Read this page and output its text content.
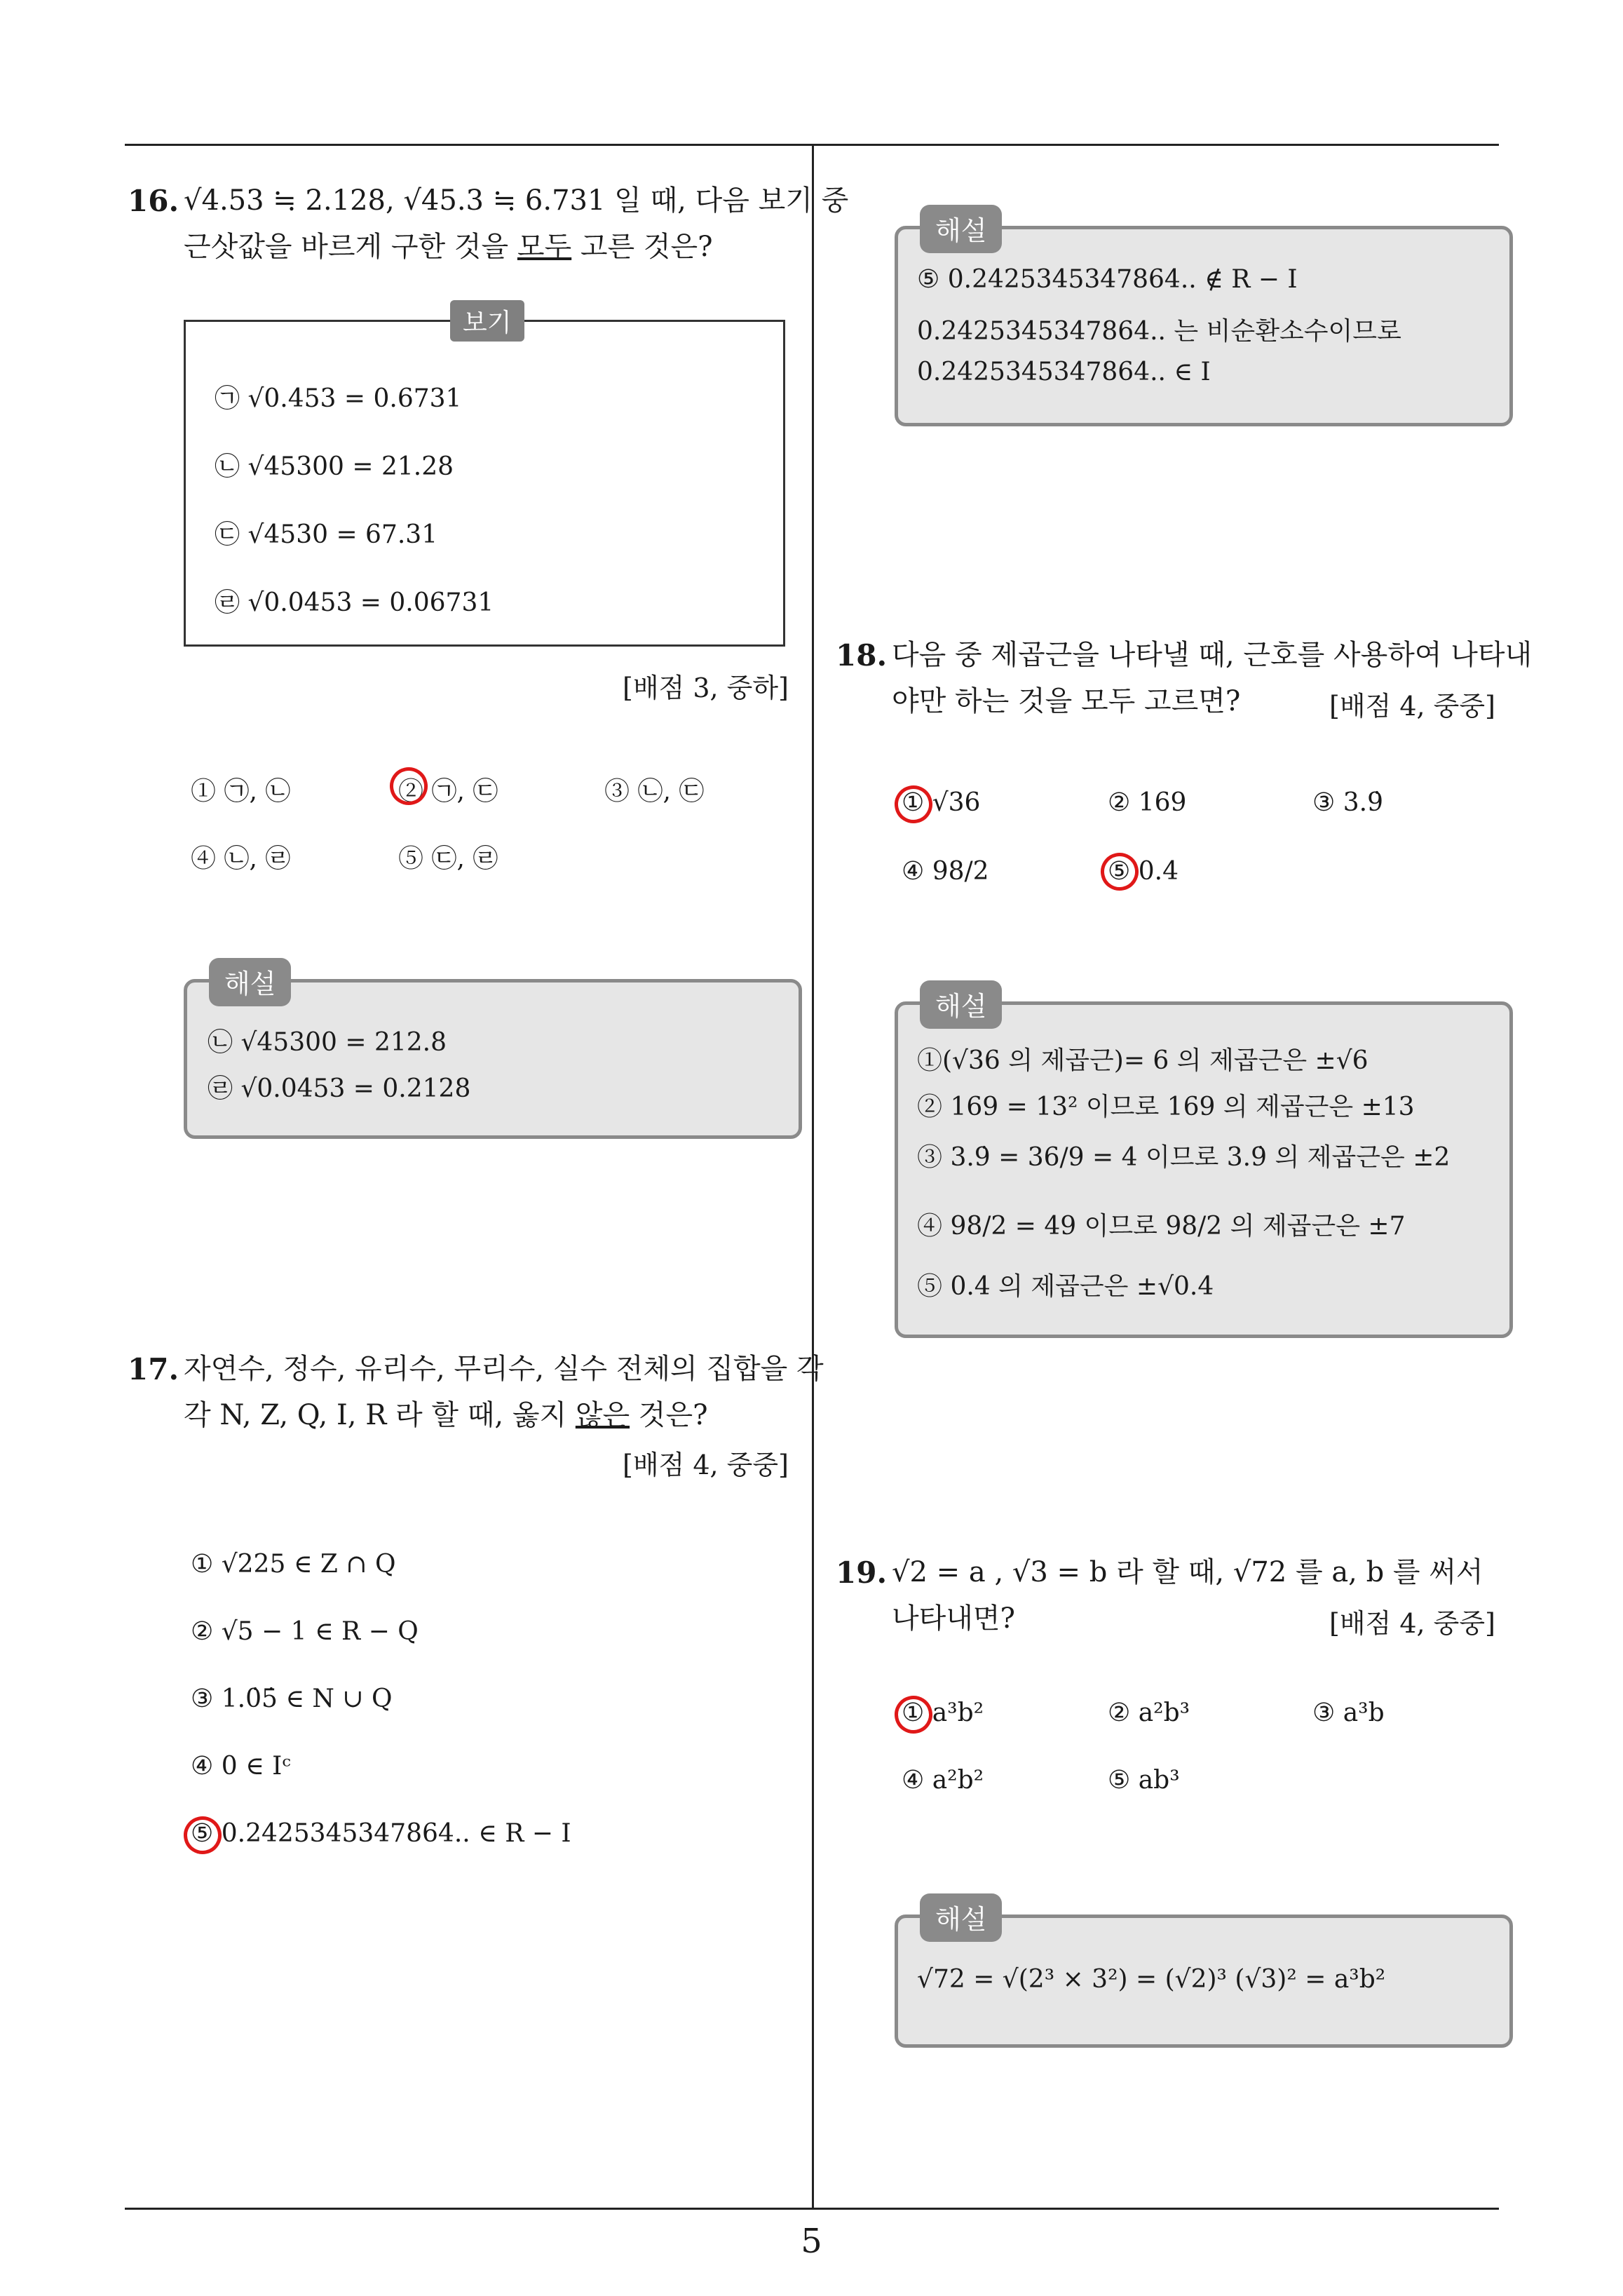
16. √4.53 ≒ 2.128, √45.3 ≒ 6.731 일 때, 다음 보기 중
근삿값을 바르게 구한 것을 모두 고른 것은?
보기
㉠ √0.453 = 0.6731
㉡ √45300 = 21.28
㉢ √4530 = 67.31
㉣ √0.0453 = 0.06731
[배점 3, 중하]
① ㉠, ㉡	② ㉠, ㉢	③ ㉡, ㉢
④ ㉡, ㉣	⑤ ㉢, ㉣
해설
㉡ √45300 = 212.8
㉣ √0.0453 = 0.2128
17. 자연수, 정수, 유리수, 무리수, 실수 전체의 집합을 각
각 N, Z, Q, I, R 라 할 때, 옳지 않은 것은?
[배점 4, 중중]
① √225 ∈ Z ∩ Q
② √5 − 1 ∈ R − Q
③ 1.0̇5̇ ∈ N ∪ Q
④ 0 ∈ Iᶜ
⑤ 0.2425345347864.. ∈ R − I
해설
⑤ 0.2425345347864.. ∉ R − I
0.2425345347864.. 는 비순환소수이므로
0.2425345347864.. ∈ I
18. 다음 중 제곱근을 나타낼 때, 근호를 사용하여 나타내
야만 하는 것을 모두 고르면?	[배점 4, 중중]
① √36	② 169	③ 3.9̇
④ 98/2	⑤ 0.4
해설
①(√36 의 제곱근)= 6 의 제곱근은 ±√6
② 169 = 13² 이므로 169 의 제곱근은 ±13
③ 3.9̇ = 36/9 = 4 이므로 3.9̇ 의 제곱근은 ±2
④ 98/2 = 49 이므로 98/2 의 제곱근은 ±7
⑤ 0.4 의 제곱근은 ±√0.4
19. √2 = a , √3 = b 라 할 때, √72 를 a, b 를 써서
나타내면?	[배점 4, 중중]
① a³b²	② a²b³	③ a³b
④ a²b²	⑤ ab³
해설
√72 = √(2³ × 3²) = (√2)³ (√3)² = a³b²
5
